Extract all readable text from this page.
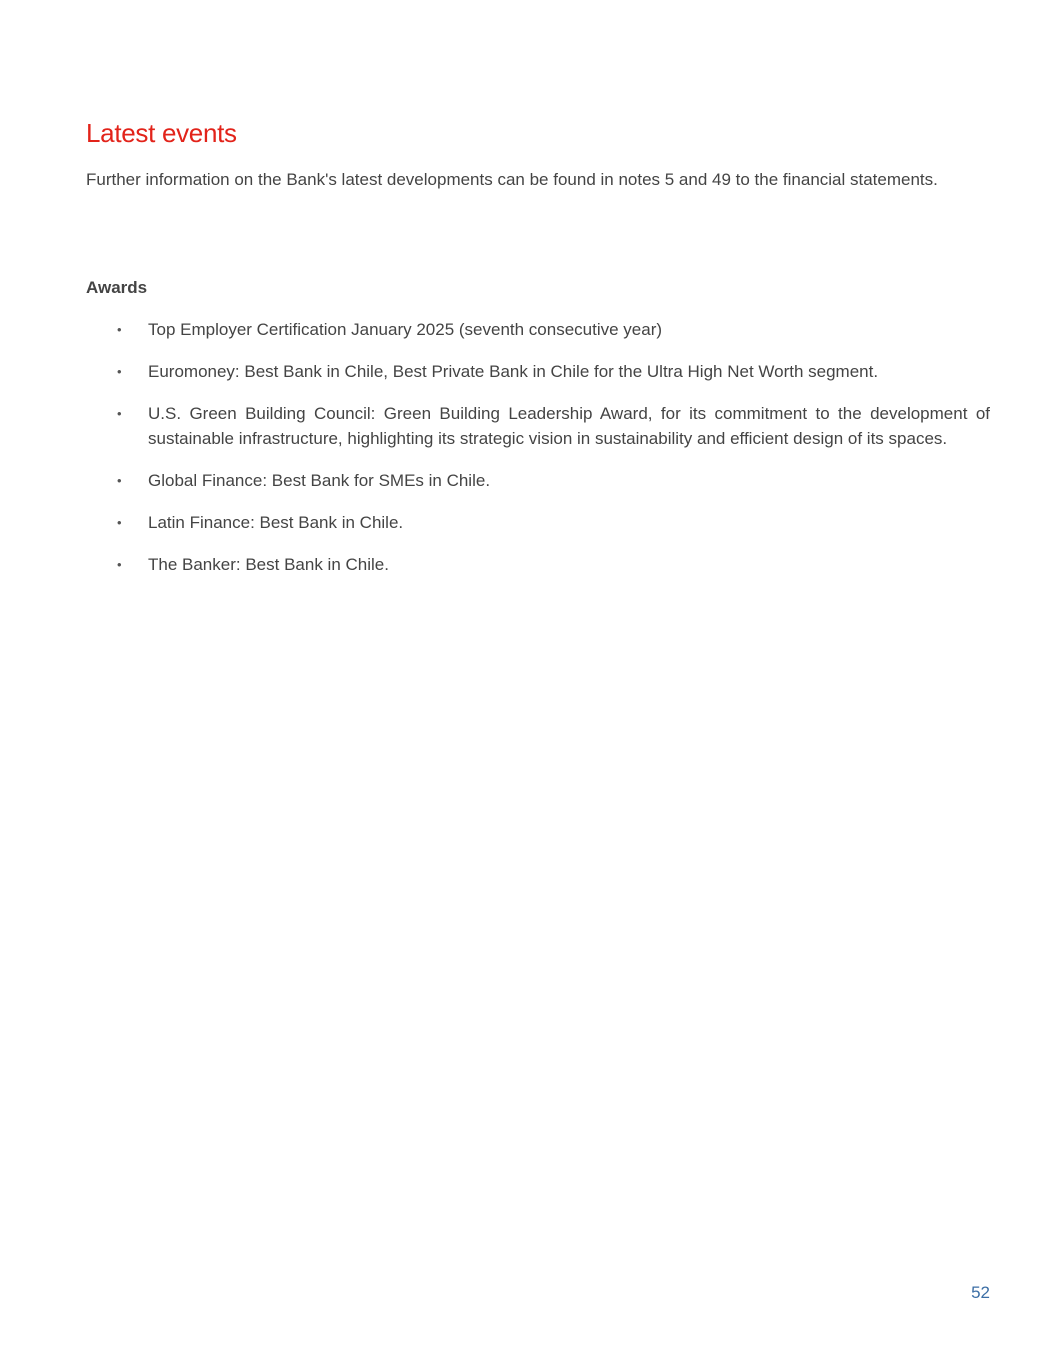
Latest events

Further information on the Bank's latest developments can be found in notes 5 and 49 to the financial statements.

Awards
• Top Employer Certification January 2025 (seventh consecutive year)
• Euromoney: Best Bank in Chile, Best Private Bank in Chile for the Ultra High Net Worth segment.
• U.S. Green Building Council: Green Building Leadership Award, for its commitment to the development of sustainable infrastructure, highlighting its strategic vision in sustainability and efficient design of its spaces.
• Global Finance: Best Bank for SMEs in Chile.
• Latin Finance: Best Bank in Chile.
• The Banker: Best Bank in Chile.
52
